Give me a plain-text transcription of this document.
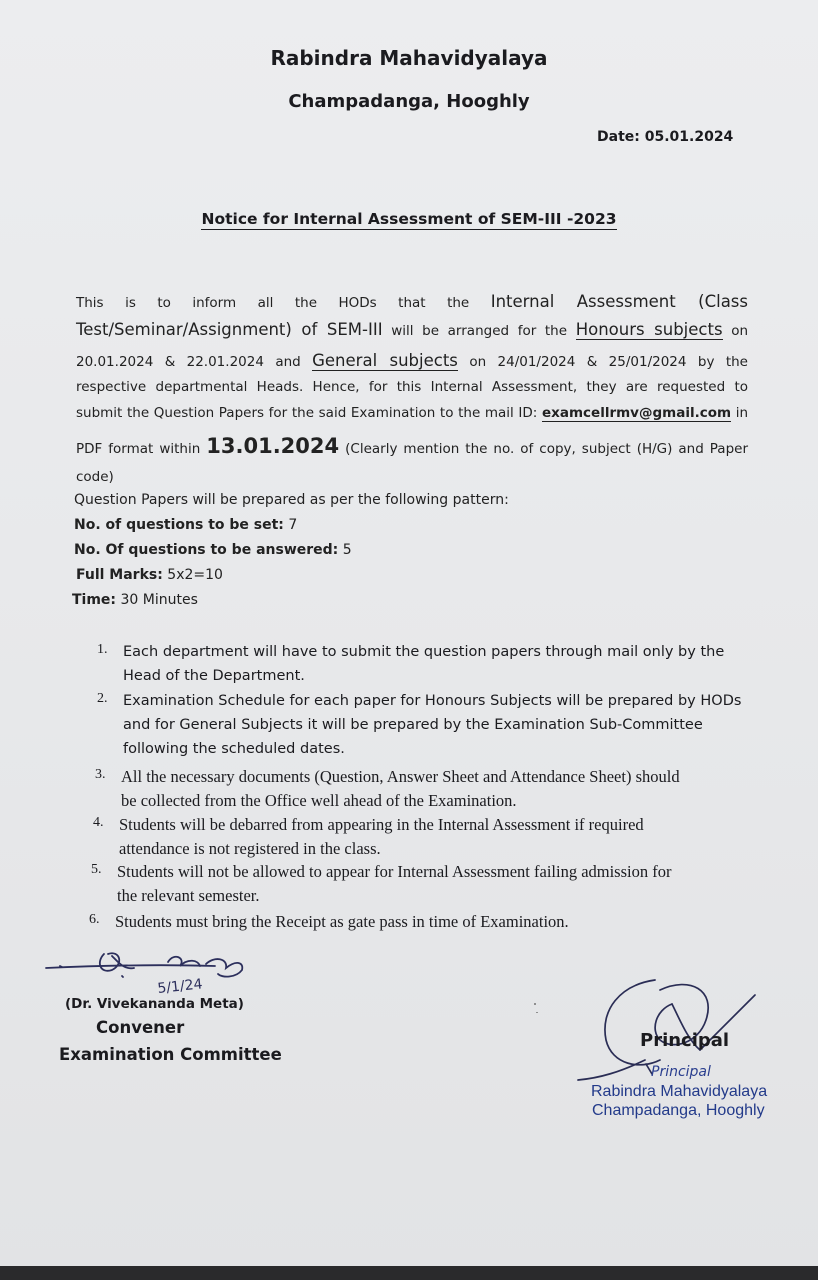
Rabindra Mahavidyalaya
Champadanga, Hooghly
Date: 05.01.2024
Notice for Internal Assessment of SEM-III -2023
This is to inform all the HODs that the Internal Assessment (Class
Test/Seminar/Assignment) of SEM-III will be arranged for the Honours subjects on
20.01.2024 & 22.01.2024 and General subjects on 24/01/2024 & 25/01/2024 by the
respective departmental Heads. Hence, for this Internal Assessment, they are requested to
submit the Question Papers for the said Examination to the mail ID: examcellrmv@gmail.com in
PDF format within 13.01.2024 (Clearly mention the no. of copy, subject (H/G) and Paper
code)
Question Papers will be prepared as per the following pattern:
No. of questions to be set: 7
No. Of questions to be answered: 5
Full Marks: 5x2=10
Time: 30 Minutes
1. Each department will have to submit the question papers through mail only by the
Head of the Department.
2. Examination Schedule for each paper for Honours Subjects will be prepared by HODs
and for General Subjects it will be prepared by the Examination Sub-Committee
following the scheduled dates.
3. All the necessary documents (Question, Answer Sheet and Attendance Sheet) should
be collected from the Office well ahead of the Examination.
4. Students will be debarred from appearing in the Internal Assessment if required
attendance is not registered in the class.
5. Students will not be allowed to appear for Internal Assessment failing admission for
the relevant semester.
6. Students must bring the Receipt as gate pass in time of Examination.
5/1/24
(Dr. Vivekananda Meta)
Convener
Examination Committee
Principal
Principal
Rabindra Mahavidyalaya
Champadanga, Hooghly
